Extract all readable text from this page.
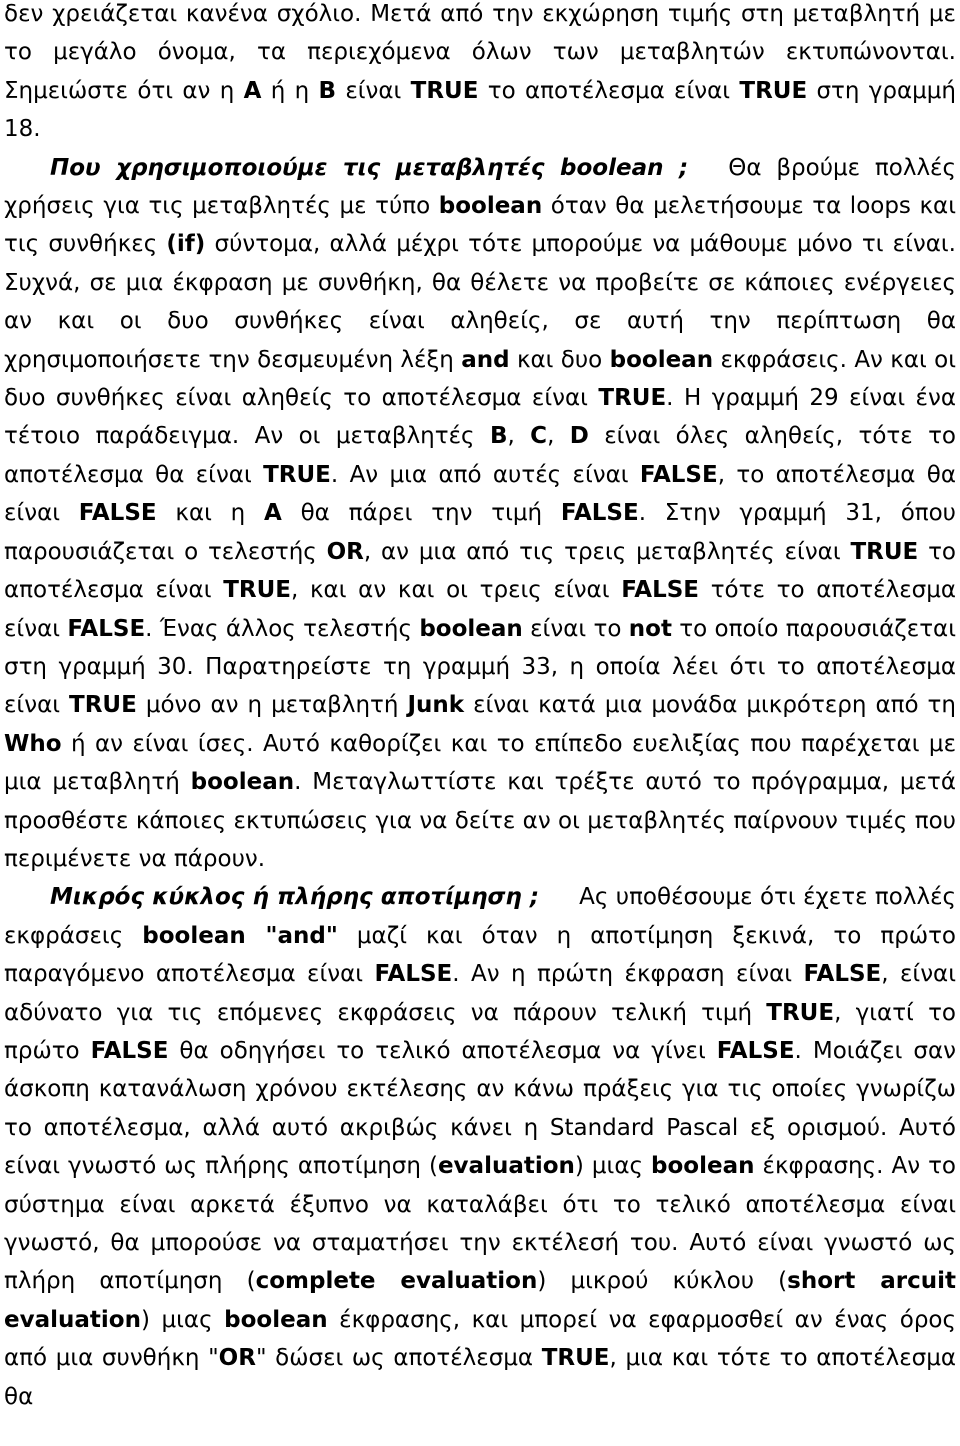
δεν χρειάζεται κανένα σχόλιο. Μετά από την εκχώρηση τιμής στη μεταβλητή με το μεγάλο όνομα, τα περιεχόμενα όλων των μεταβλητών εκτυπώνονται. Σημειώστε ότι αν η A ή η B είναι TRUE το αποτέλεσμα είναι TRUE στη γραμμή 18.

Που χρησιμοποιούμε τις μεταβλητές boolean ; Θα βρούμε πολλές χρήσεις για τις μεταβλητές με τύπο boolean όταν θα μελετήσουμε τα loops και τις συνθήκες (if) σύντομα, αλλά μέχρι τότε μπορούμε να μάθουμε μόνο τι είναι. Συχνά, σε μια έκφραση με συνθήκη, θα θέλετε να προβείτε σε κάποιες ενέργειες αν και οι δυο συνθήκες είναι αληθείς, σε αυτή την περίπτωση θα χρησιμοποιήσετε την δεσμευμένη λέξη and και δυο boolean εκφράσεις. Αν και οι δυο συνθήκες είναι αληθείς το αποτέλεσμα είναι TRUE. Η γραμμή 29 είναι ένα τέτοιο παράδειγμα. Αν οι μεταβλητές B, C, D είναι όλες αληθείς, τότε το αποτέλεσμα θα είναι TRUE. Αν μια από αυτές είναι FALSE, το αποτέλεσμα θα είναι FALSE και η A θα πάρει την τιμή FALSE. Στην γραμμή 31, όπου παρουσιάζεται ο τελεστής OR, αν μια από τις τρεις μεταβλητές είναι TRUE το αποτέλεσμα είναι TRUE, και αν και οι τρεις είναι FALSE τότε το αποτέλεσμα είναι FALSE. Ένας άλλος τελεστής boolean είναι το not το οποίο παρουσιάζεται στη γραμμή 30. Παρατηρείστε τη γραμμή 33, η οποία λέει ότι το αποτέλεσμα είναι TRUE μόνο αν η μεταβλητή Junk είναι κατά μια μονάδα μικρότερη από τη Who ή αν είναι ίσες. Αυτό καθορίζει και το επίπεδο ευελιξίας που παρέχεται με μια μεταβλητή boolean. Μεταγλωττίστε και τρέξτε αυτό το πρόγραμμα, μετά προσθέστε κάποιες εκτυπώσεις για να δείτε αν οι μεταβλητές παίρνουν τιμές που περιμένετε να πάρουν.

Μικρός κύκλος ή πλήρης αποτίμηση ; Ας υποθέσουμε ότι έχετε πολλές εκφράσεις boolean "and" μαζί και όταν η αποτίμηση ξεκινά, το πρώτο παραγόμενο αποτέλεσμα είναι FALSE. Αν η πρώτη έκφραση είναι FALSE, είναι αδύνατο για τις επόμενες εκφράσεις να πάρουν τελική τιμή TRUE, γιατί το πρώτο FALSE θα οδηγήσει το τελικό αποτέλεσμα να γίνει FALSE. Μοιάζει σαν άσκοπη κατανάλωση χρόνου εκτέλεσης αν κάνω πράξεις για τις οποίες γνωρίζω το αποτέλεσμα, αλλά αυτό ακριβώς κάνει η Standard Pascal εξ ορισμού. Αυτό είναι γνωστό ως πλήρης αποτίμηση (evaluation) μιας boolean έκφρασης. Αν το σύστημα είναι αρκετά έξυπνο να καταλάβει ότι το τελικό αποτέλεσμα είναι γνωστό, θα μπορούσε να σταματήσει την εκτέλεσή του. Αυτό είναι γνωστό ως πλήρη αποτίμηση (complete evaluation) μικρού κύκλου (short arcuit evaluation) μιας boolean έκφρασης, και μπορεί να εφαρμοσθεί αν ένας όρος από μια συνθήκη "OR" δώσει ως αποτέλεσμα TRUE, μια και τότε το αποτέλεσμα θα
